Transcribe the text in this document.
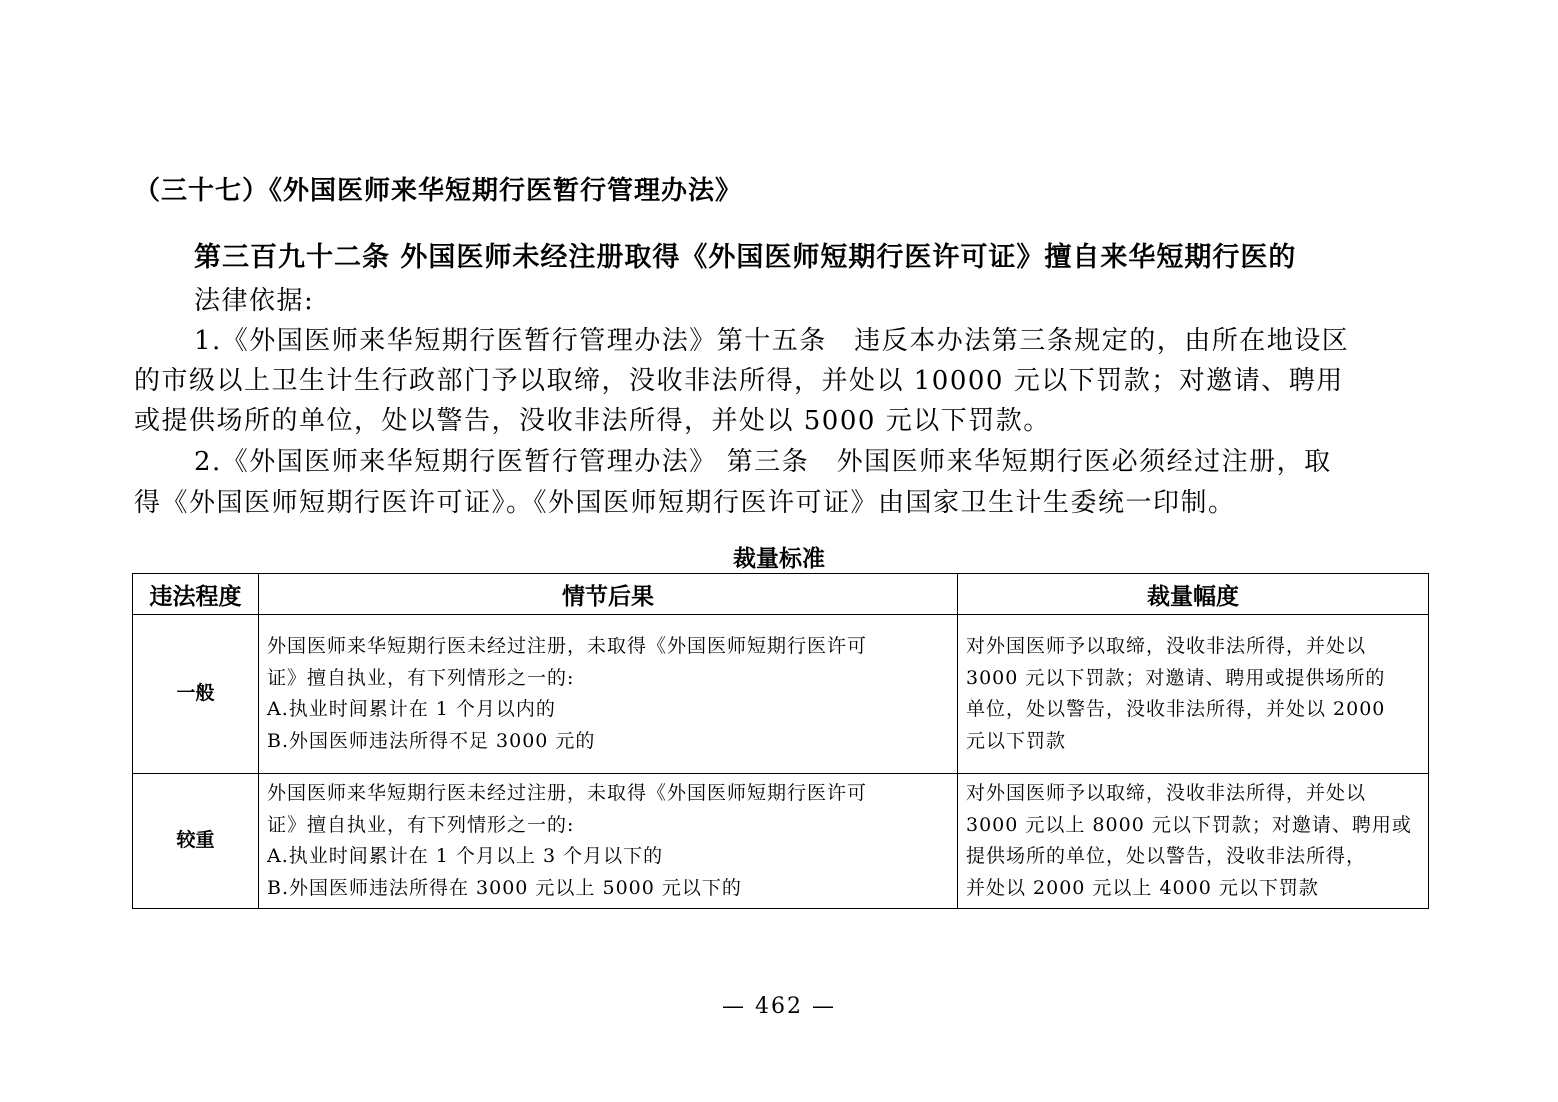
（三十七）《外国医师来华短期行医暂行管理办法》
第三百九十二条 外国医师未经注册取得《外国医师短期行医许可证》擅自来华短期行医的
法律依据:
1.《外国医师来华短期行医暂行管理办法》第十五条　违反本办法第三条规定的，由所在地设区
的市级以上卫生计生行政部门予以取缔，没收非法所得，并处以 10000 元以下罚款；对邀请、聘用
或提供场所的单位，处以警告，没收非法所得，并处以 5000 元以下罚款。
2.《外国医师来华短期行医暂行管理办法》 第三条　外国医师来华短期行医必须经过注册，取
得《外国医师短期行医许可证》。《外国医师短期行医许可证》由国家卫生计生委统一印制。
裁量标准
违法程度	情节后果	裁量幅度
一般	外国医师来华短期行医未经过注册，未取得《外国医师短期行医许可
证》擅自执业，有下列情形之一的:
A.执业时间累计在 1 个月以内的
B.外国医师违法所得不足 3000 元的	对外国医师予以取缔，没收非法所得，并处以
3000 元以下罚款；对邀请、聘用或提供场所的
单位，处以警告，没收非法所得，并处以 2000
元以下罚款

较重	外国医师来华短期行医未经过注册，未取得《外国医师短期行医许可
证》擅自执业，有下列情形之一的:
A.执业时间累计在 1 个月以上 3 个月以下的
B.外国医师违法所得在 3000 元以上 5000 元以下的	对外国医师予以取缔，没收非法所得，并处以
3000 元以上 8000 元以下罚款；对邀请、聘用或
提供场所的单位，处以警告，没收非法所得，
并处以 2000 元以上 4000 元以下罚款
— 462 —
